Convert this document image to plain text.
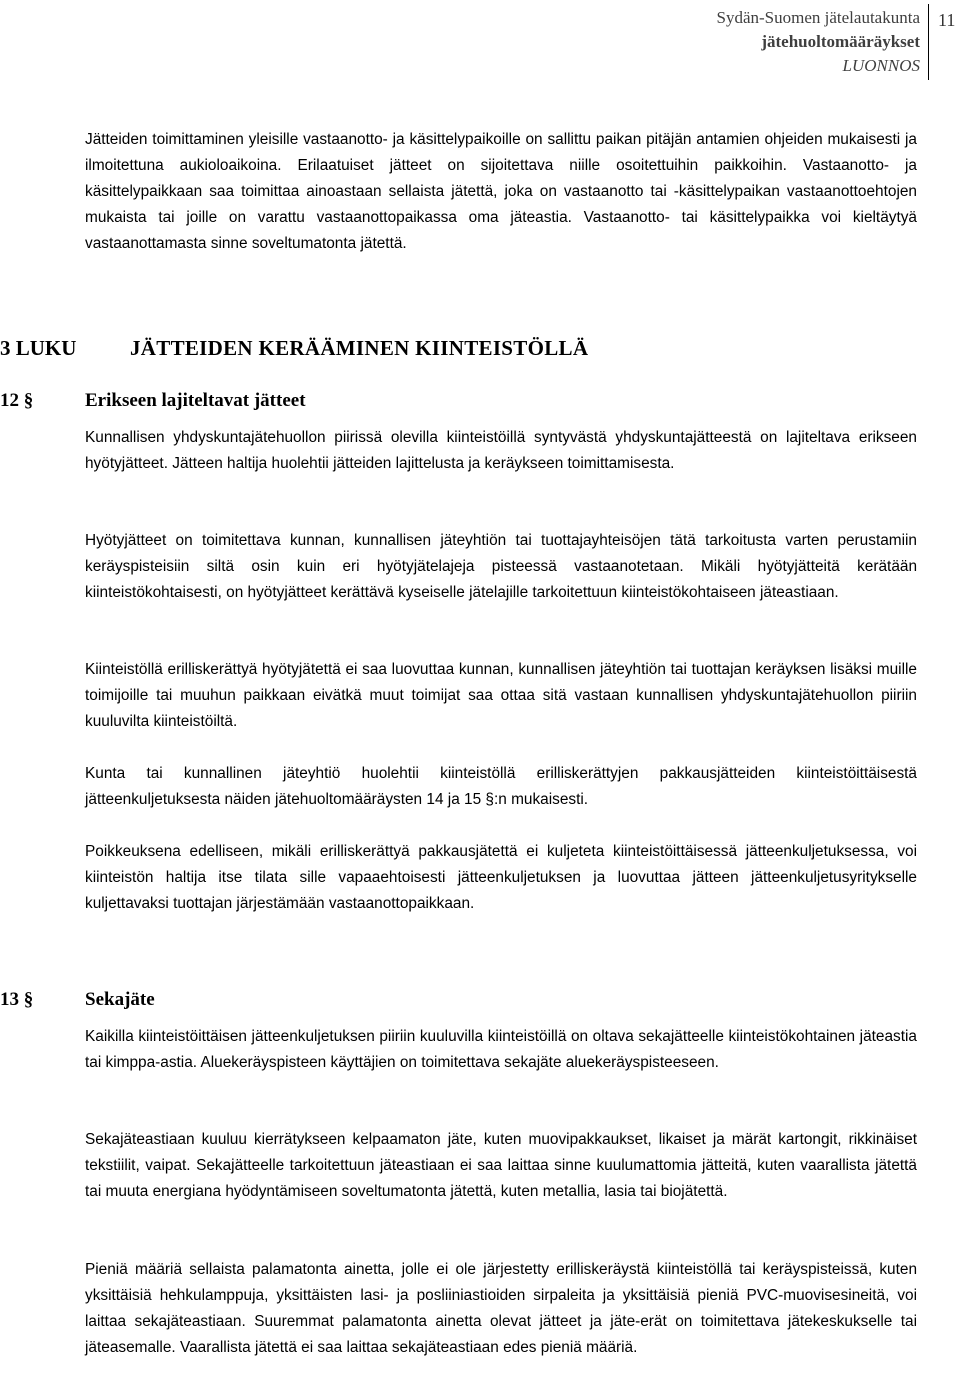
Sydän-Suomen jätelautakunta
jätehuoltomääräykset
LUONNOS
11

Jätteiden toimittaminen yleisille vastaanotto- ja käsittelypaikoille on sallittu paikan pitäjän antamien ohjeiden mukaisesti ja ilmoitettuna aukioloaikoina. Erilaatuiset jätteet on sijoitettava niille osoitettuihin paikkoihin. Vastaanotto- ja käsittelypaikkaan saa toimittaa ainoastaan sellaista jätettä, joka on vastaanotto tai -käsittelypaikan vastaanottoehtojen mukaista tai joille on varattu vastaanottopaikassa oma jäteastia. Vastaanotto- tai käsittelypaikka voi kieltäytyä vastaanottamasta sinne soveltumatonta jätettä.

3 LUKU	JÄTTEIDEN KERÄÄMINEN KIINTEISTÖLLÄ
12 §	Erikseen lajiteltavat jätteet

Kunnallisen yhdyskuntajätehuollon piirissä olevilla kiinteistöillä syntyvästä yhdyskuntajätteestä on lajiteltava erikseen hyötyjätteet. Jätteen haltija huolehtii jätteiden lajittelusta ja keräykseen toimittamisesta.

Hyötyjätteet on toimitettava kunnan, kunnallisen jäteyhtiön tai tuottajayhteisöjen tätä tarkoitusta varten perustamiin keräyspisteisiin siltä osin kuin eri hyötyjätelajeja pisteessä vastaanotetaan. Mikäli hyötyjätteitä kerätään kiinteistökohtaisesti, on hyötyjätteet kerättävä kyseiselle jätelajille tarkoitettuun kiinteistökohtaiseen jäteastiaan.

Kiinteistöllä erilliskerättyä hyötyjätettä ei saa luovuttaa kunnan, kunnallisen jäteyhtiön tai tuottajan keräyksen lisäksi muille toimijoille tai muuhun paikkaan eivätkä muut toimijat saa ottaa sitä vastaan kunnallisen yhdyskuntajätehuollon piiriin kuuluvilta kiinteistöiltä.

Kunta tai kunnallinen jäteyhtiö huolehtii kiinteistöllä erilliskerättyjen pakkausjätteiden kiinteistöittäisestä jätteenkuljetuksesta näiden jätehuoltomääräysten 14 ja 15 §:n mukaisesti.

Poikkeuksena edelliseen, mikäli erilliskerättyä pakkausjätettä ei kuljeteta kiinteistöittäisessä jätteenkuljetuksessa, voi kiinteistön haltija itse tilata sille vapaaehtoisesti jätteenkuljetuksen ja luovuttaa jätteen jätteenkuljetusyritykselle kuljettavaksi tuottajan järjestämään vastaanottopaikkaan.

13 §	Sekajäte

Kaikilla kiinteistöittäisen jätteenkuljetuksen piiriin kuuluvilla kiinteistöillä on oltava sekajätteelle kiinteistökohtainen jäteastia tai kimppa-astia. Aluekeräyspisteen käyttäjien on toimitettava sekajäte aluekeräyspisteeseen.

Sekajäteastiaan kuuluu kierrätykseen kelpaamaton jäte, kuten muovipakkaukset, likaiset ja märät kartongit, rikkinäiset tekstiilit, vaipat. Sekajätteelle tarkoitettuun jäteastiaan ei saa laittaa sinne kuulumattomia jätteitä, kuten vaarallista jätettä tai muuta energiana hyödyntämiseen soveltumatonta jätettä, kuten metallia, lasia tai biojätettä.

Pieniä määriä sellaista palamatonta ainetta, jolle ei ole järjestetty erilliskeräystä kiinteistöllä tai keräyspisteissä, kuten yksittäisiä hehkulamppuja, yksittäisten lasi- ja posliiniastioiden sirpaleita ja yksittäisiä pieniä PVC-muovisesineitä, voi laittaa sekajäteastiaan. Suuremmat palamatonta ainetta olevat jätteet ja jäte-erät on toimitettava jätekeskukselle tai jäteasemalle. Vaarallista jätettä ei saa laittaa sekajäteastiaan edes pieniä määriä.
